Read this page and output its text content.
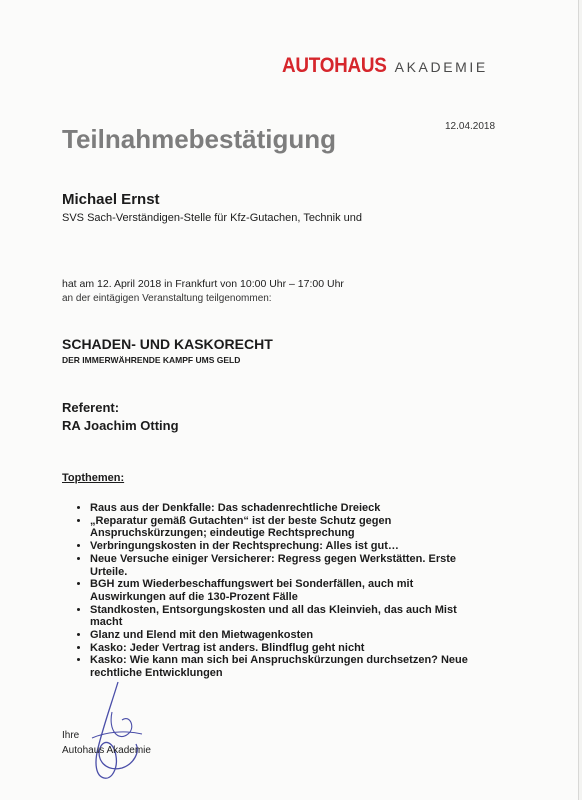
AUTOHAUS AKADEMIE
12.04.2018
Teilnahmebestätigung
Michael Ernst
SVS Sach-Verständigen-Stelle für Kfz-Gutachen, Technik und
hat am 12. April 2018 in Frankfurt von 10:00 Uhr – 17:00 Uhr
an der eintägigen Veranstaltung teilgenommen:
SCHADEN- UND KASKORECHT
DER IMMERWÄHRENDE KAMPF UMS GELD
Referent:
RA Joachim Otting
Topthemen:
• Raus aus der Denkfalle: Das schadenrechtliche Dreieck
• „Reparatur gemäß Gutachten“ ist der beste Schutz gegen Anspruchskürzungen; eindeutige Rechtsprechung
• Verbringungskosten in der Rechtsprechung: Alles ist gut…
• Neue Versuche einiger Versicherer: Regress gegen Werkstätten. Erste Urteile.
• BGH zum Wiederbeschaffungswert bei Sonderfällen, auch mit Auswirkungen auf die 130-Prozent Fälle
• Standkosten, Entsorgungskosten und all das Kleinvieh, das auch Mist macht
• Glanz und Elend mit den Mietwagenkosten
• Kasko: Jeder Vertrag ist anders. Blindflug geht nicht
• Kasko: Wie kann man sich bei Anspruchskürzungen durchsetzen? Neue rechtliche Entwicklungen
Ihre
Autohaus Akademie
